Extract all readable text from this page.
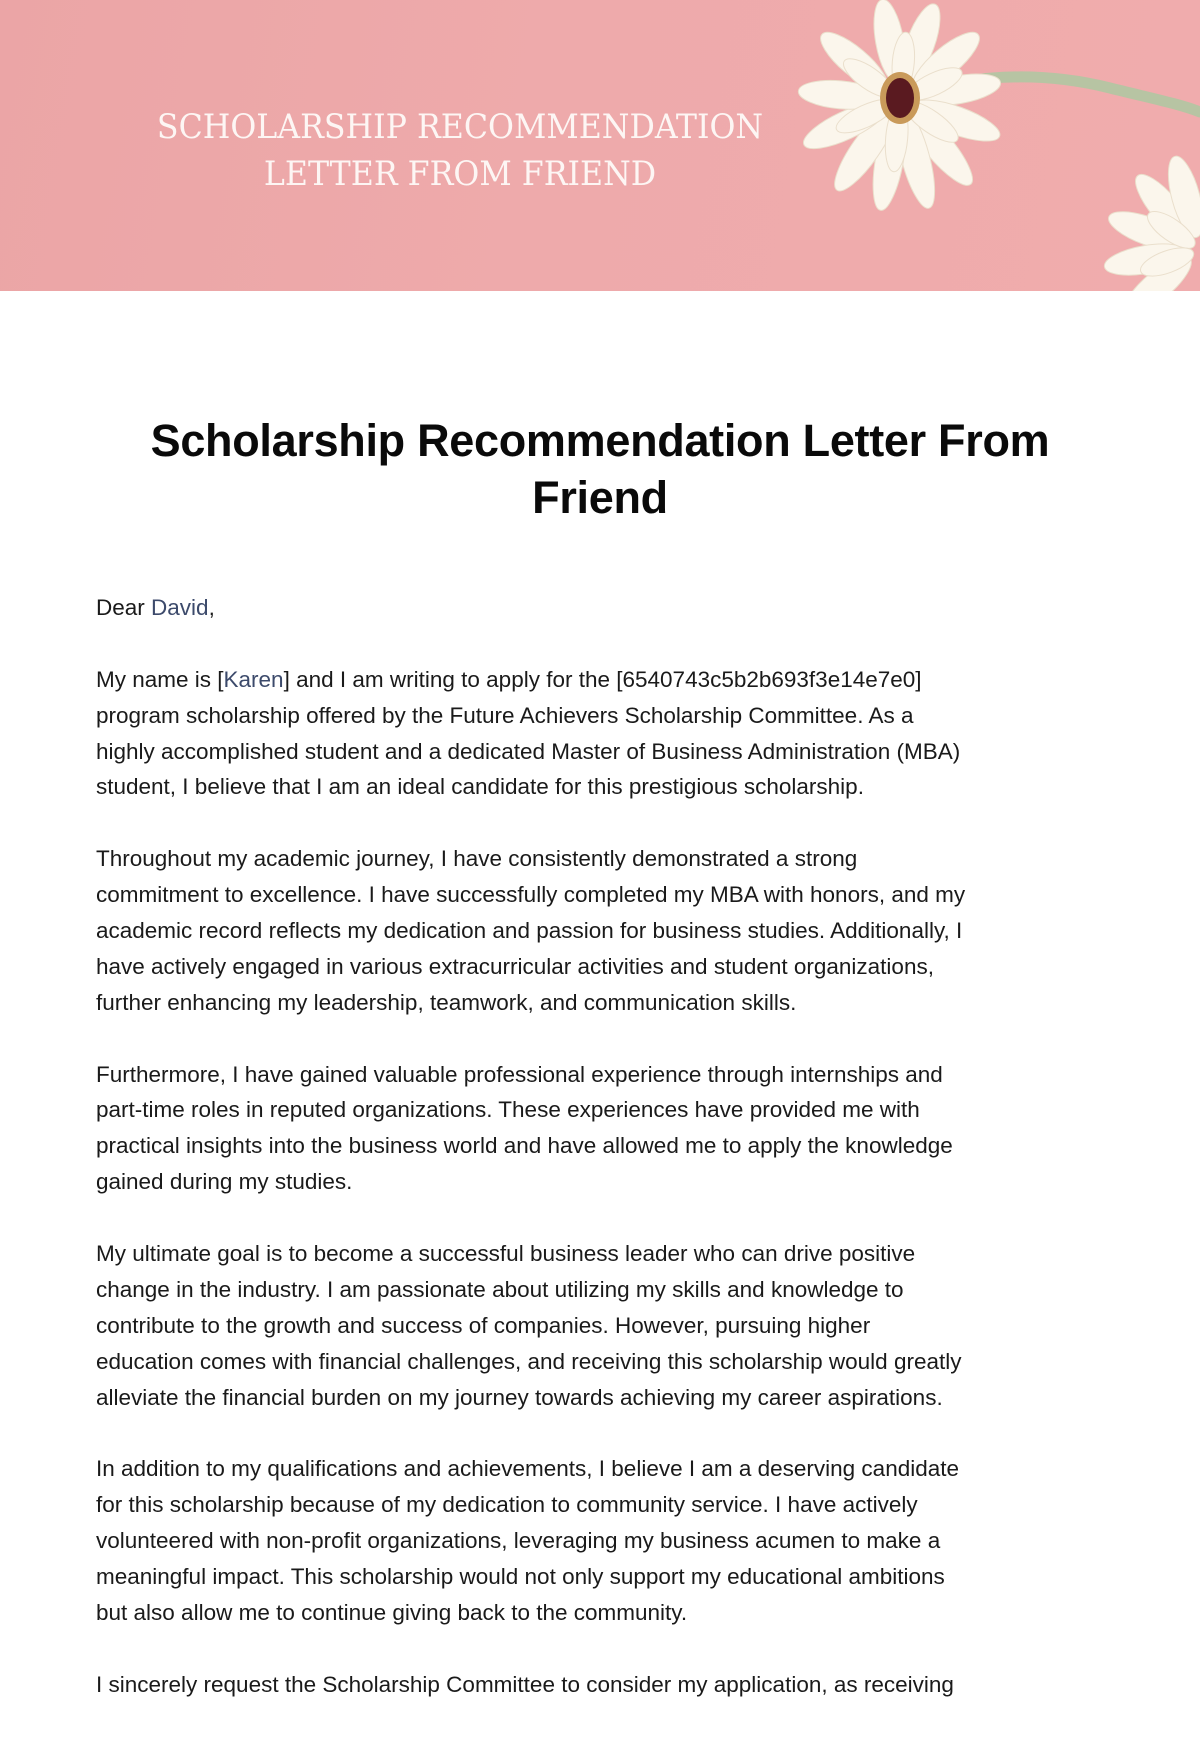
SCHOLARSHIP RECOMMENDATION
LETTER FROM FRIEND
Scholarship Recommendation Letter From
Friend
Dear David,
My name is [Karen] and I am writing to apply for the [6540743c5b2b693f3e14e7e0]
program scholarship offered by the Future Achievers Scholarship Committee. As a
highly accomplished student and a dedicated Master of Business Administration (MBA)
student, I believe that I am an ideal candidate for this prestigious scholarship.
Throughout my academic journey, I have consistently demonstrated a strong
commitment to excellence. I have successfully completed my MBA with honors, and my
academic record reflects my dedication and passion for business studies. Additionally, I
have actively engaged in various extracurricular activities and student organizations,
further enhancing my leadership, teamwork, and communication skills.
Furthermore, I have gained valuable professional experience through internships and
part-time roles in reputed organizations. These experiences have provided me with
practical insights into the business world and have allowed me to apply the knowledge
gained during my studies.
My ultimate goal is to become a successful business leader who can drive positive
change in the industry. I am passionate about utilizing my skills and knowledge to
contribute to the growth and success of companies. However, pursuing higher
education comes with financial challenges, and receiving this scholarship would greatly
alleviate the financial burden on my journey towards achieving my career aspirations.
In addition to my qualifications and achievements, I believe I am a deserving candidate
for this scholarship because of my dedication to community service. I have actively
volunteered with non-profit organizations, leveraging my business acumen to make a
meaningful impact. This scholarship would not only support my educational ambitions
but also allow me to continue giving back to the community.
I sincerely request the Scholarship Committee to consider my application, as receiving
